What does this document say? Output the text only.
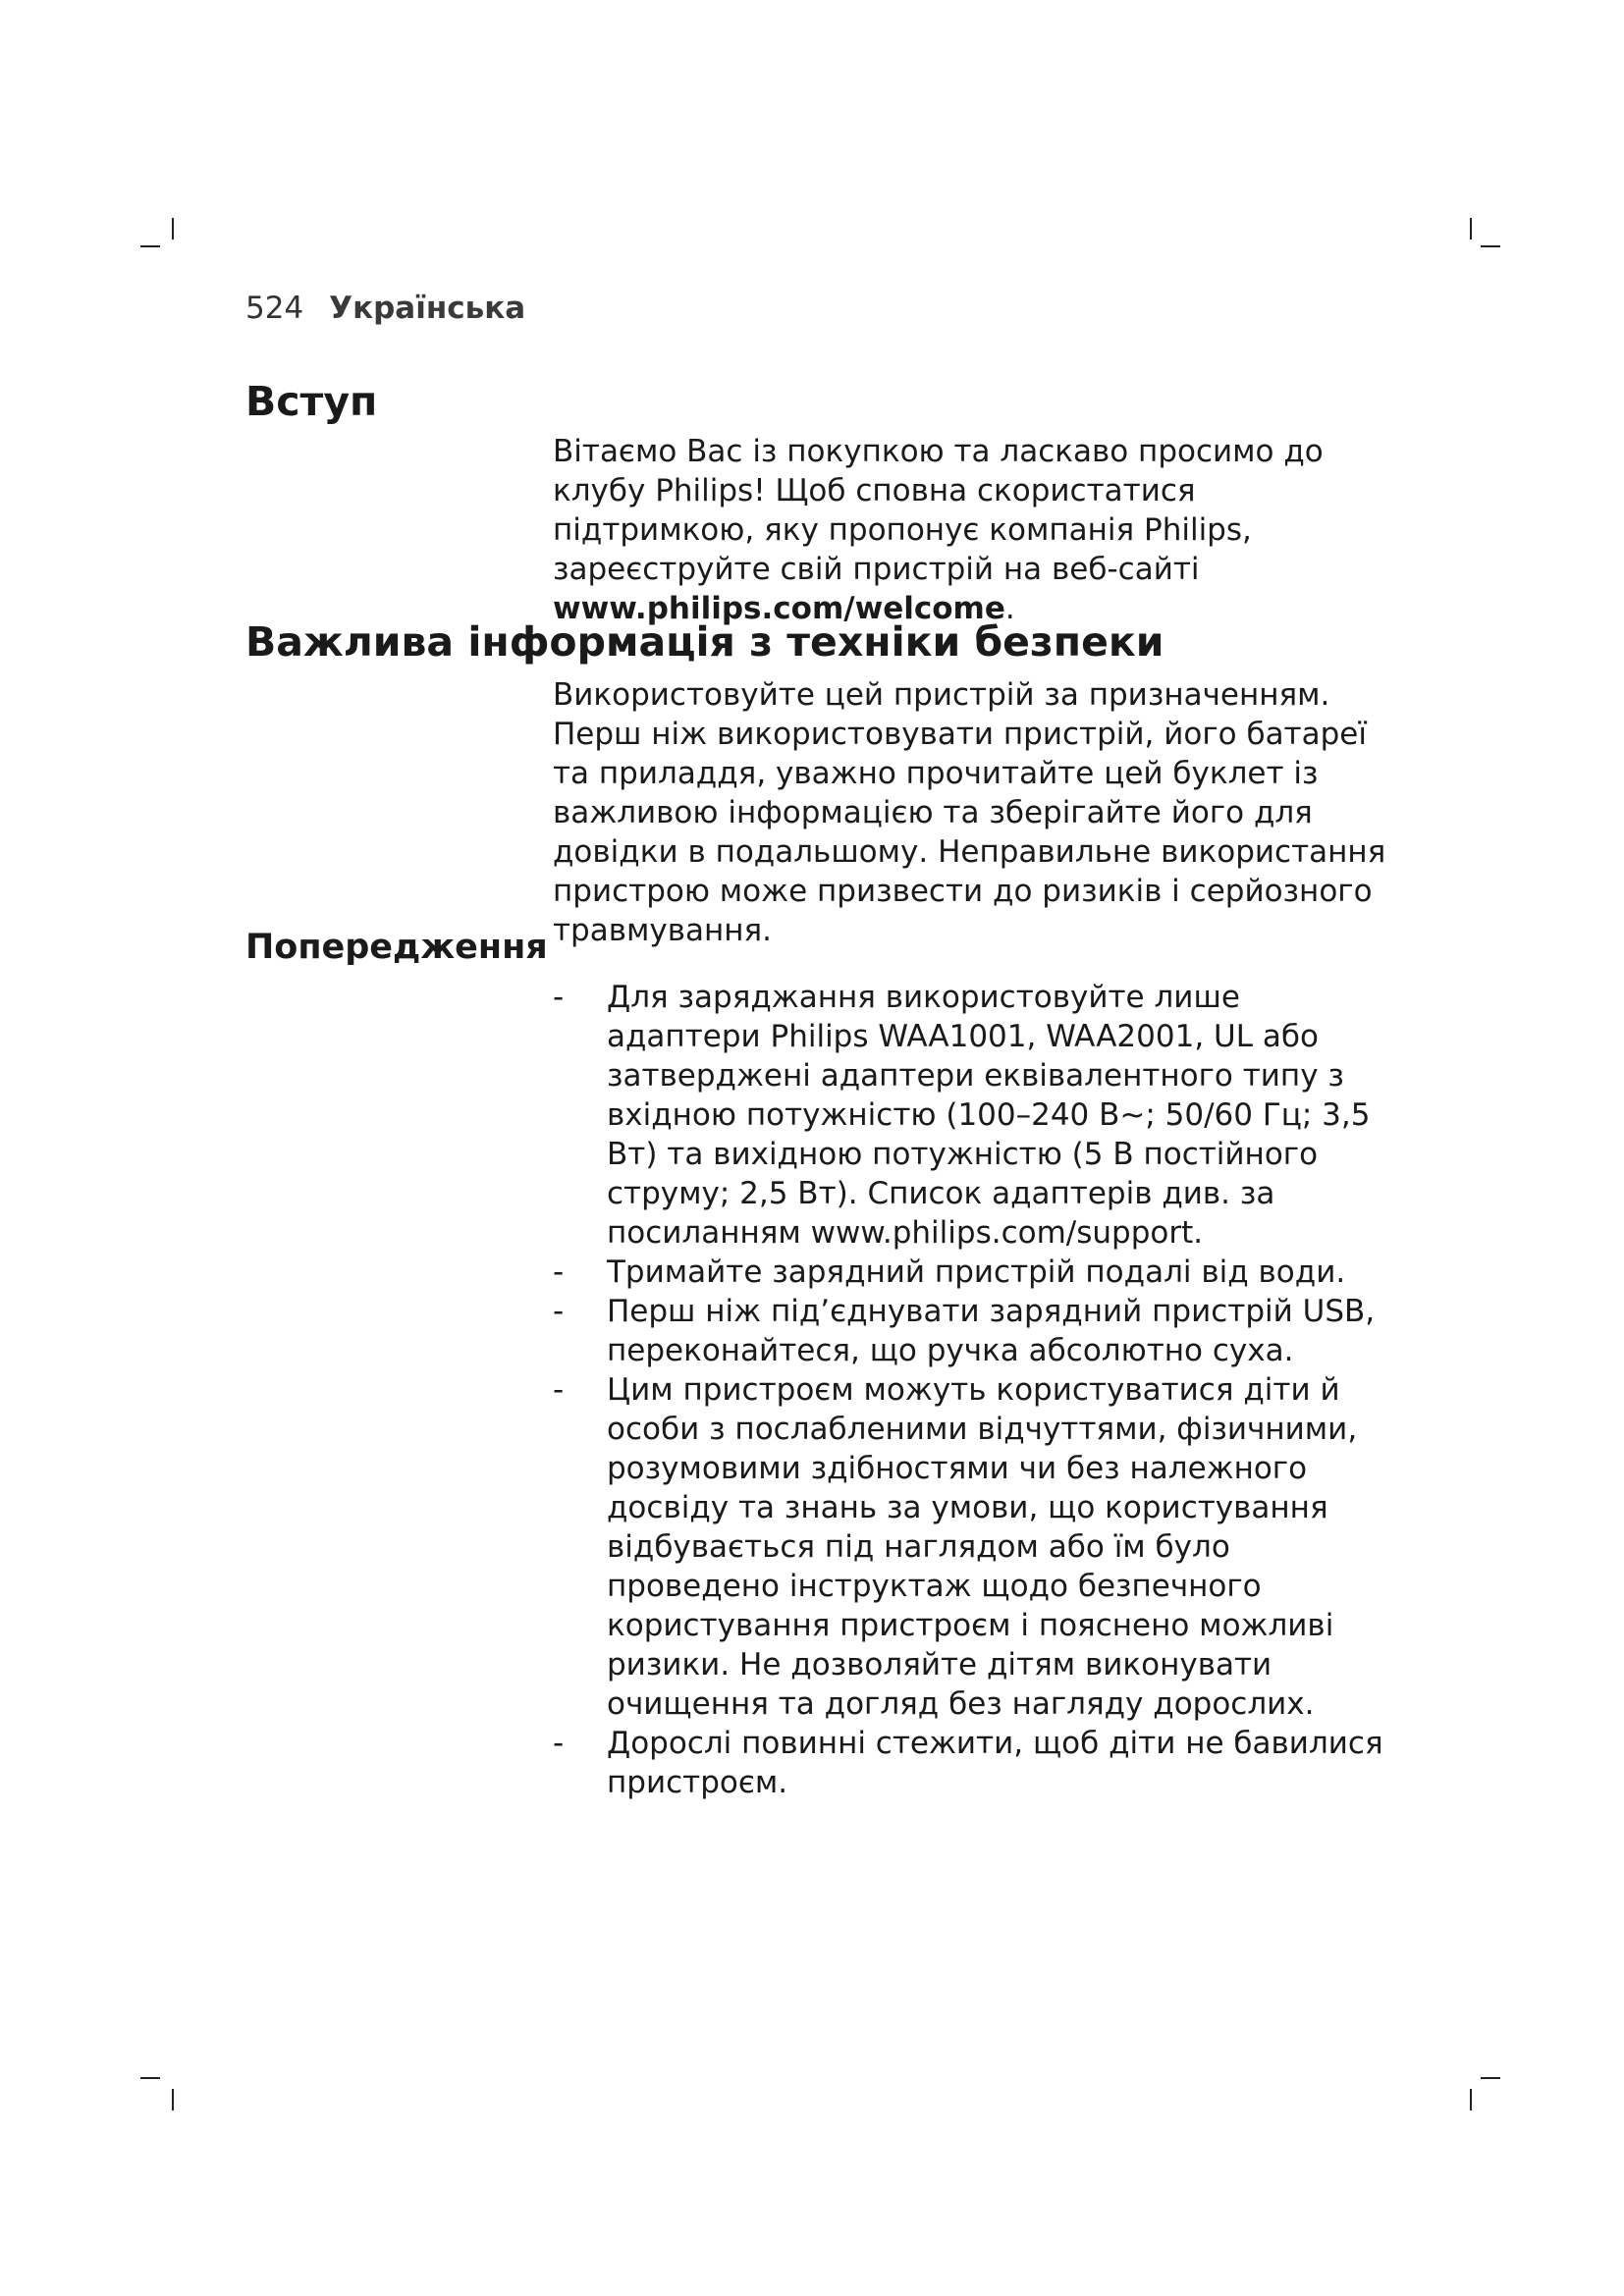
524 Українська
Вступ

Вітаємо Вас із покупкою та ласкаво просимо до клубу Philips! Щоб сповна скористатися підтримкою, яку пропонує компанія Philips, зареєструйте свій пристрій на веб-сайті www.philips.com/welcome.

Важлива інформація з техніки безпеки

Використовуйте цей пристрій за призначенням. Перш ніж використовувати пристрій, його батареї та приладдя, уважно прочитайте цей буклет із важливою інформацією та зберігайте його для довідки в подальшому. Неправильне використання пристрою може призвести до ризиків і серйозного травмування.

Попередження
- Для заряджання використовуйте лише адаптери Philips WAA1001, WAA2001, UL або затверджені адаптери еквівалентного типу з вхідною потужністю (100–240 В~; 50/60 Гц; 3,5 Вт) та вихідною потужністю (5 В постійного струму; 2,5 Вт). Список адаптерів див. за посиланням www.philips.com/support.
- Тримайте зарядний пристрій подалі від води.
- Перш ніж під’єднувати зарядний пристрій USB, переконайтеся, що ручка абсолютно суха.
- Цим пристроєм можуть користуватися діти й особи з послабленими відчуттями, фізичними, розумовими здібностями чи без належного досвіду та знань за умови, що користування відбувається під наглядом або їм було проведено інструктаж щодо безпечного користування пристроєм і пояснено можливі ризики. Не дозволяйте дітям виконувати очищення та догляд без нагляду дорослих.
- Дорослі повинні стежити, щоб діти не бавилися пристроєм.
